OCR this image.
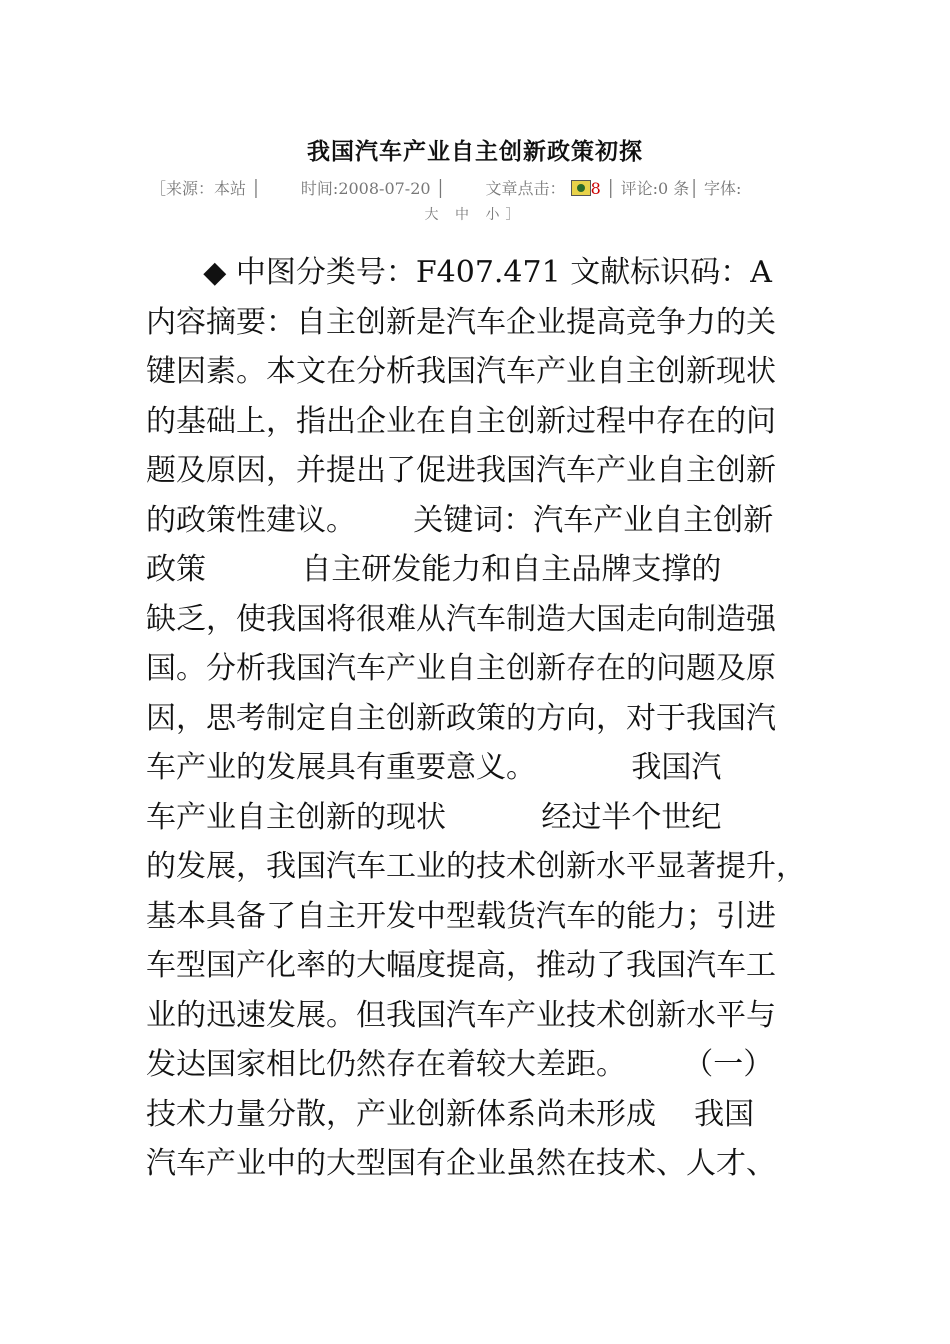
我国汽车产业自主创新政策初探
［来源：本站 │	时间:2008-07-20 │	文章点击： 8 │ 评论:0 条│ 字体:
大 中 小］
◆ 中图分类号：F407.471 文献标识码：A
内容摘要：自主创新是汽车企业提高竞争力的关
键因素。本文在分析我国汽车产业自主创新现状
的基础上，指出企业在自主创新过程中存在的问
题及原因，并提出了促进我国汽车产业自主创新
的政策性建议。      关键词：汽车产业自主创新
政策          自主研发能力和自主品牌支撑的
缺乏，使我国将很难从汽车制造大国走向制造强
国。分析我国汽车产业自主创新存在的问题及原
因，思考制定自主创新政策的方向，对于我国汽
车产业的发展具有重要意义。          我国汽
车产业自主创新的现状          经过半个世纪
的发展，我国汽车工业的技术创新水平显著提升，
基本具备了自主开发中型载货汽车的能力；引进
车型国产化率的大幅度提高，推动了我国汽车工
业的迅速发展。但我国汽车产业技术创新水平与
发达国家相比仍然存在着较大差距。      （一）
技术力量分散，产业创新体系尚未形成    我国
汽车产业中的大型国有企业虽然在技术、人才、
